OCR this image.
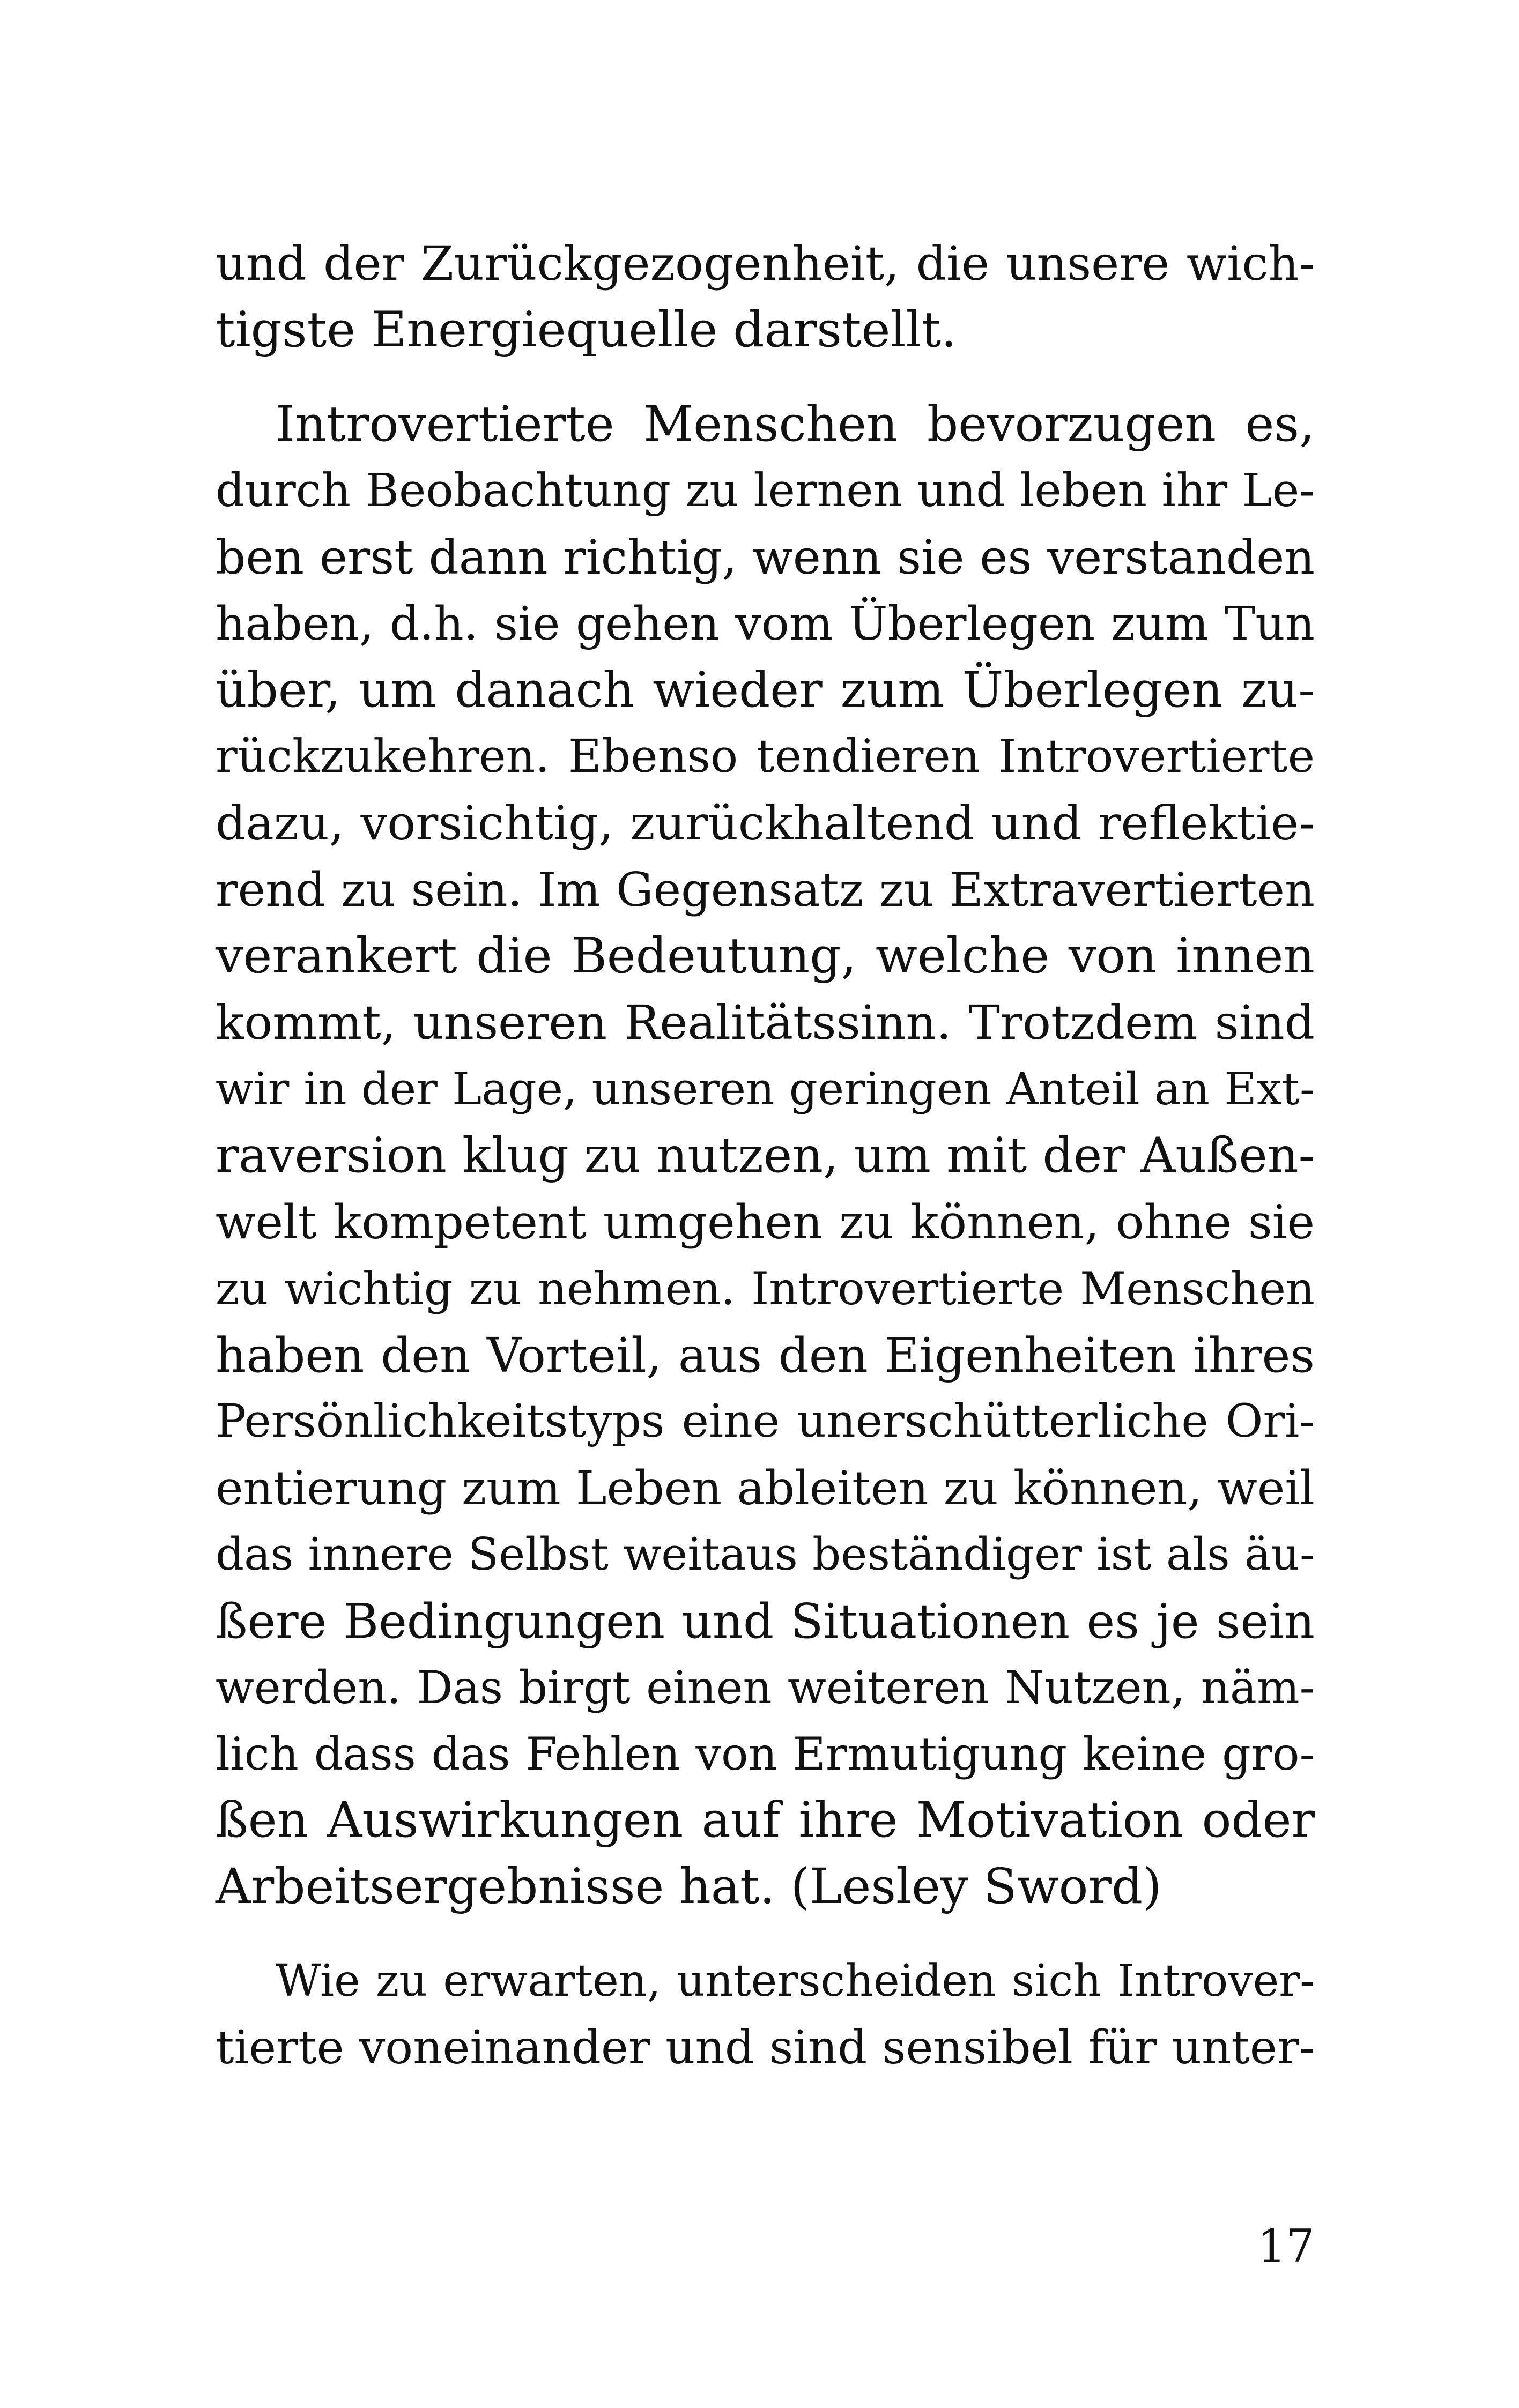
und der Zurückgezogenheit, die unsere wich-
tigste Energiequelle darstellt.
Introvertierte Menschen bevorzugen es,
durch Beobachtung zu lernen und leben ihr Le-
ben erst dann richtig, wenn sie es verstanden
haben, d.h. sie gehen vom Überlegen zum Tun
über, um danach wieder zum Überlegen zu-
rückzukehren. Ebenso tendieren Introvertierte
dazu, vorsichtig, zurückhaltend und reflektie-
rend zu sein. Im Gegensatz zu Extravertierten
verankert die Bedeutung, welche von innen
kommt, unseren Realitätssinn. Trotzdem sind
wir in der Lage, unseren geringen Anteil an Ext-
raversion klug zu nutzen, um mit der Außen-
welt kompetent umgehen zu können, ohne sie
zu wichtig zu nehmen. Introvertierte Menschen
haben den Vorteil, aus den Eigenheiten ihres
Persönlichkeitstyps eine unerschütterliche Ori-
entierung zum Leben ableiten zu können, weil
das innere Selbst weitaus beständiger ist als äu-
ßere Bedingungen und Situationen es je sein
werden. Das birgt einen weiteren Nutzen, näm-
lich dass das Fehlen von Ermutigung keine gro-
ßen Auswirkungen auf ihre Motivation oder
Arbeitsergebnisse hat. (Lesley Sword)
Wie zu erwarten, unterscheiden sich Introver-
tierte voneinander und sind sensibel für unter-
17
